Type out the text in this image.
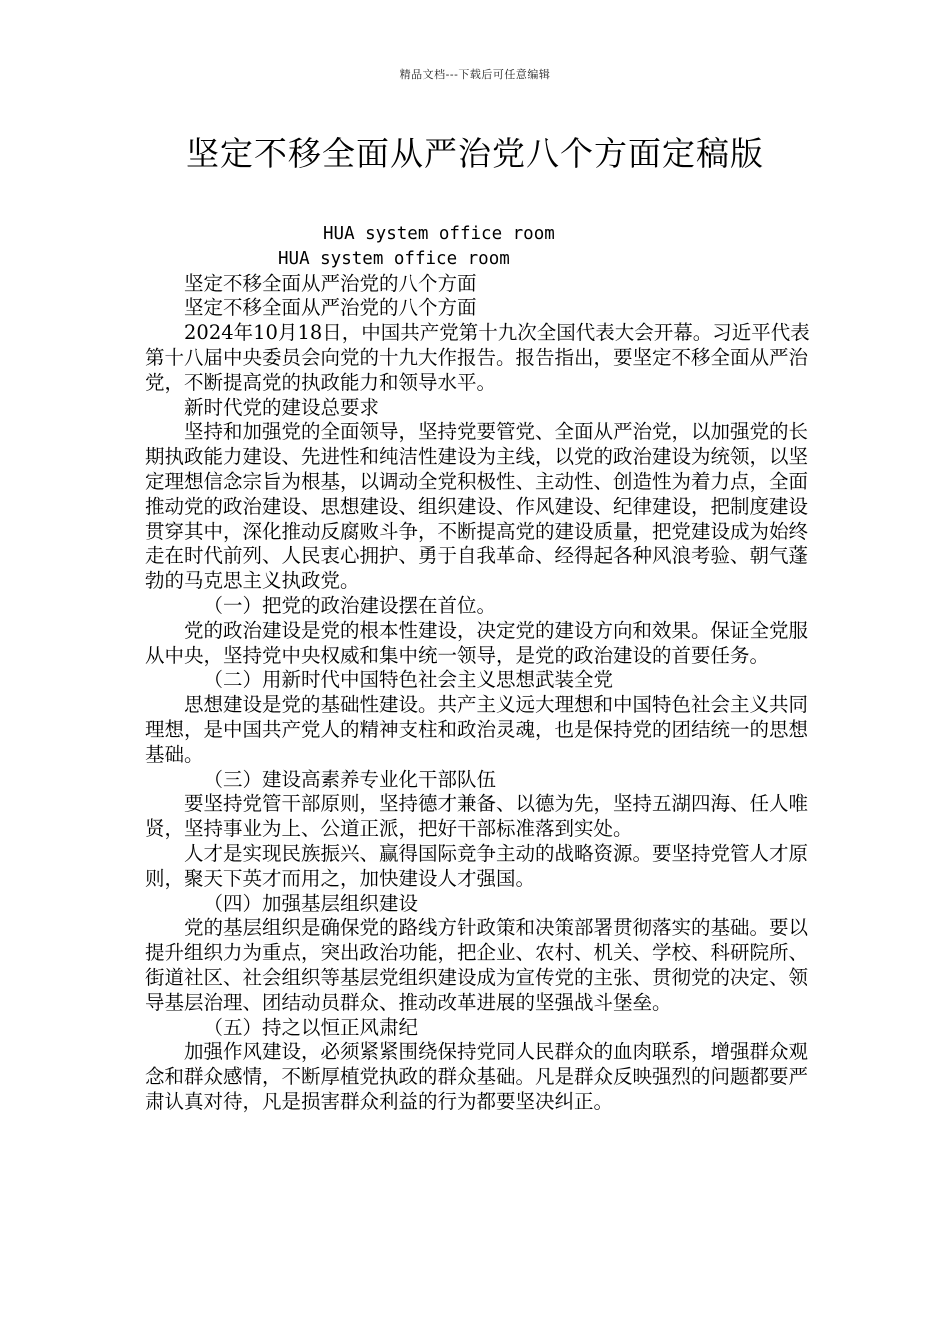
精品文档---下载后可任意编辑
坚定不移全面从严治党八个方面定稿版
HUA system office room
HUA system office room

坚定不移全面从严治党的八个方面

坚定不移全面从严治党的八个方面

2024年10月18日，中国共产党第十九次全国代表大会开幕。习近平代表第十八届中央委员会向党的十九大作报告。报告指出，要坚定不移全面从严治党，不断提高党的执政能力和领导水平。

新时代党的建设总要求

坚持和加强党的全面领导，坚持党要管党、全面从严治党，以加强党的长期执政能力建设、先进性和纯洁性建设为主线，以党的政治建设为统领，以坚定理想信念宗旨为根基，以调动全党积极性、主动性、创造性为着力点，全面推动党的政治建设、思想建设、组织建设、作风建设、纪律建设，把制度建设贯穿其中，深化推动反腐败斗争，不断提高党的建设质量，把党建设成为始终走在时代前列、人民衷心拥护、勇于自我革命、经得起各种风浪考验、朝气蓬勃的马克思主义执政党。

（一）把党的政治建设摆在首位。

党的政治建设是党的根本性建设，决定党的建设方向和效果。保证全党服从中央，坚持党中央权威和集中统一领导，是党的政治建设的首要任务。

（二）用新时代中国特色社会主义思想武装全党

思想建设是党的基础性建设。共产主义远大理想和中国特色社会主义共同理想，是中国共产党人的精神支柱和政治灵魂，也是保持党的团结统一的思想基础。

（三）建设高素养专业化干部队伍

要坚持党管干部原则，坚持德才兼备、以德为先，坚持五湖四海、任人唯贤，坚持事业为上、公道正派，把好干部标准落到实处。

人才是实现民族振兴、赢得国际竞争主动的战略资源。要坚持党管人才原则，聚天下英才而用之，加快建设人才强国。

（四）加强基层组织建设

党的基层组织是确保党的路线方针政策和决策部署贯彻落实的基础。要以提升组织力为重点，突出政治功能，把企业、农村、机关、学校、科研院所、街道社区、社会组织等基层党组织建设成为宣传党的主张、贯彻党的决定、领导基层治理、团结动员群众、推动改革进展的坚强战斗堡垒。

（五）持之以恒正风肃纪

加强作风建设，必须紧紧围绕保持党同人民群众的血肉联系，增强群众观念和群众感情，不断厚植党执政的群众基础。凡是群众反映强烈的问题都要严肃认真对待，凡是损害群众利益的行为都要坚决纠正。
